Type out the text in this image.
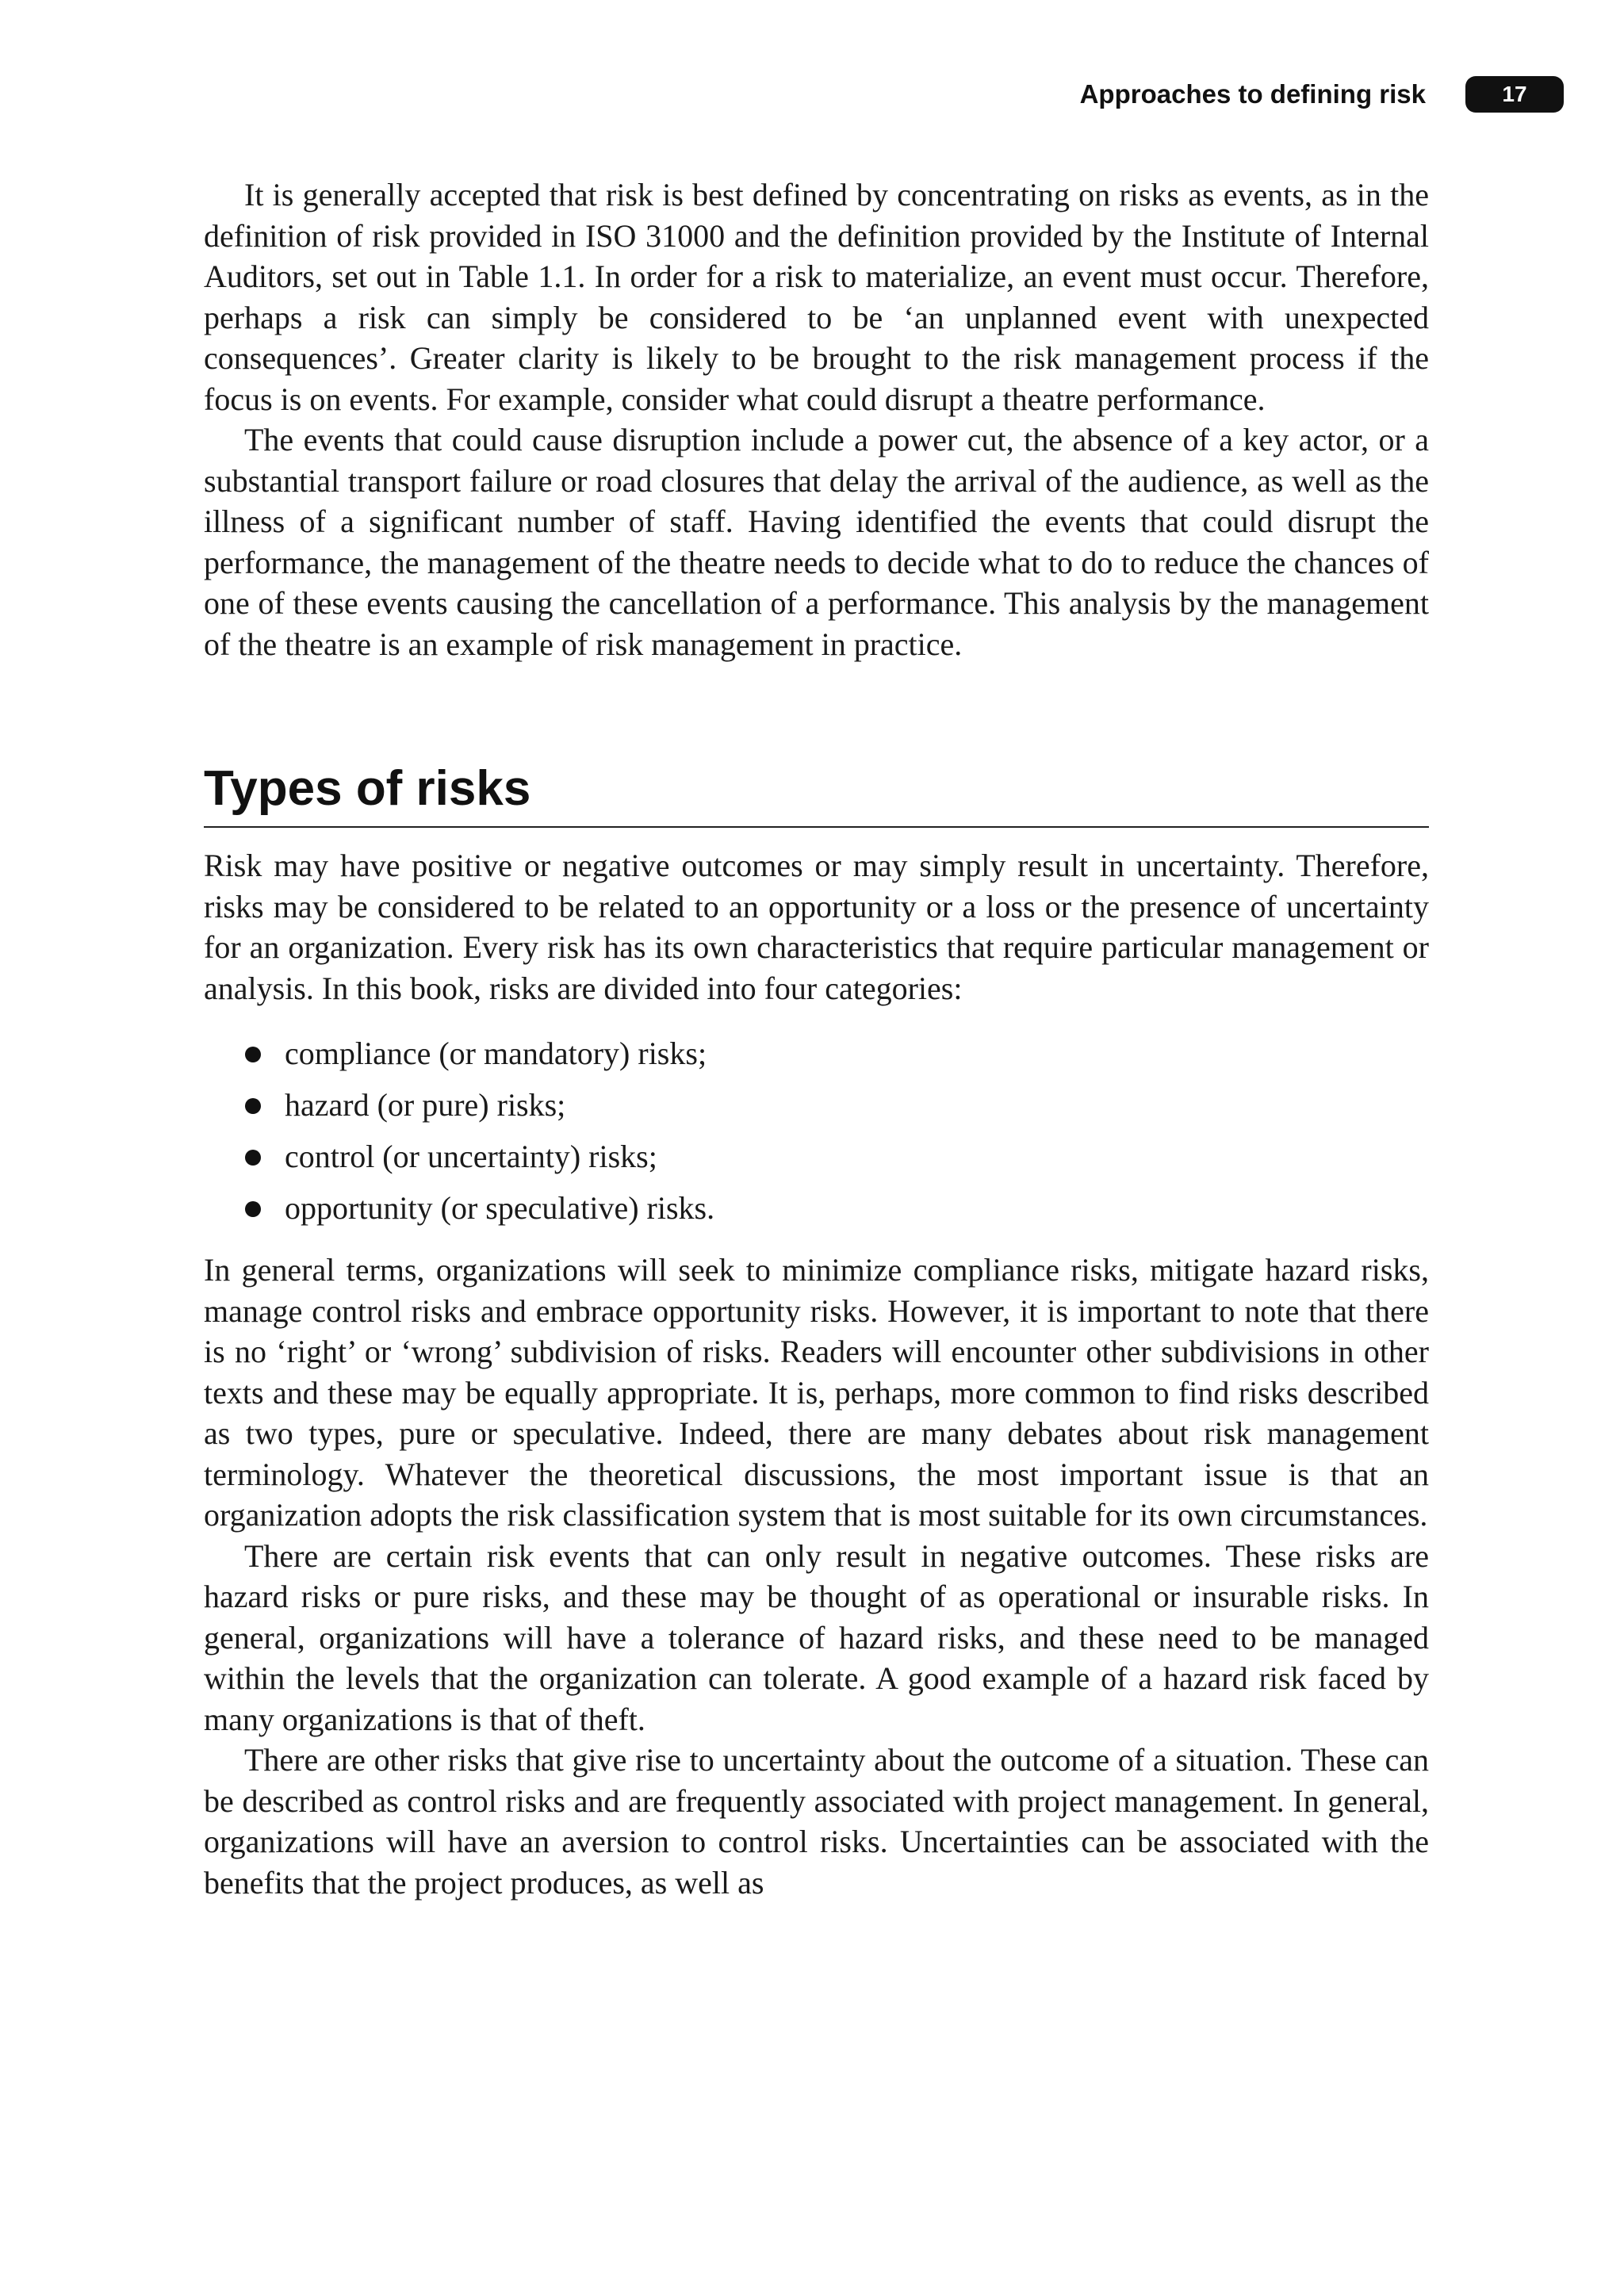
Approaches to defining risk	17

It is generally accepted that risk is best defined by concentrating on risks as events, as in the definition of risk provided in ISO 31000 and the definition provided by the Institute of Internal Auditors, set out in Table 1.1. In order for a risk to materialize, an event must occur. Therefore, perhaps a risk can simply be considered to be ‘an unplanned event with unexpected consequences’. Greater clarity is likely to be brought to the risk management process if the focus is on events. For example, consider what could disrupt a theatre performance.

The events that could cause disruption include a power cut, the absence of a key actor, or a substantial transport failure or road closures that delay the arrival of the audience, as well as the illness of a significant number of staff. Having identified the events that could disrupt the performance, the management of the theatre needs to decide what to do to reduce the chances of one of these events causing the cancellation of a performance. This analysis by the management of the theatre is an example of risk management in practice.

Types of risks

Risk may have positive or negative outcomes or may simply result in uncertainty. Therefore, risks may be considered to be related to an opportunity or a loss or the presence of uncertainty for an organization. Every risk has its own characteristics that require particular management or analysis. In this book, risks are divided into four categories:

compliance (or mandatory) risks;
hazard (or pure) risks;
control (or uncertainty) risks;
opportunity (or speculative) risks.

In general terms, organizations will seek to minimize compliance risks, mitigate hazard risks, manage control risks and embrace opportunity risks. However, it is important to note that there is no ‘right’ or ‘wrong’ subdivision of risks. Readers will encounter other subdivisions in other texts and these may be equally appropriate. It is, perhaps, more common to find risks described as two types, pure or speculative. Indeed, there are many debates about risk management terminology. Whatever the theoretical discussions, the most important issue is that an organization adopts the risk classification system that is most suitable for its own circumstances.

There are certain risk events that can only result in negative outcomes. These risks are hazard risks or pure risks, and these may be thought of as operational or insurable risks. In general, organizations will have a tolerance of hazard risks, and these need to be managed within the levels that the organization can tolerate. A good example of a hazard risk faced by many organizations is that of theft.

There are other risks that give rise to uncertainty about the outcome of a situation. These can be described as control risks and are frequently associated with project management. In general, organizations will have an aversion to control risks. Uncertainties can be associated with the benefits that the project produces, as well as
